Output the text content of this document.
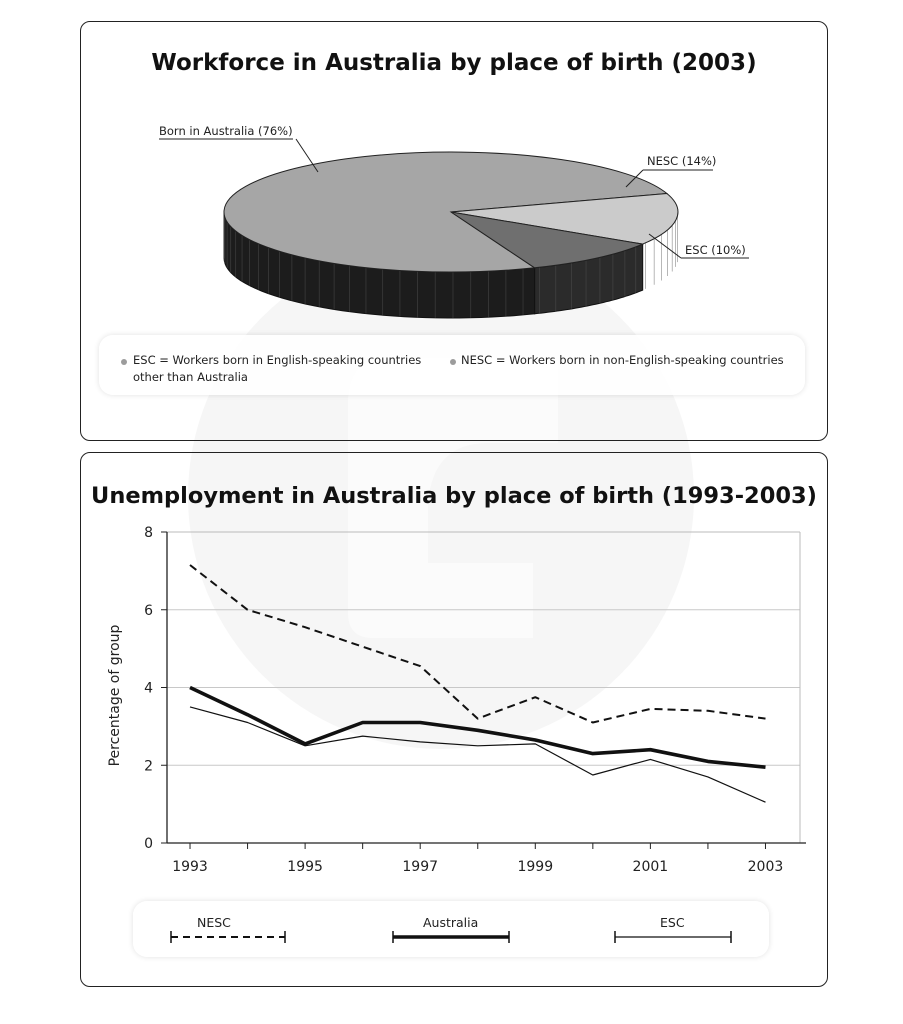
Workforce in Australia by place of birth (2003)
Born in Australia (76%)
NESC (14%)
ESC (10%)
ESC = Workers born in English-speaking countries
other than Australia
NESC = Workers born in non-English-speaking countries
Unemployment in Australia by place of birth (1993-2003)
0
2
4
6
8
1993	1995	1997	1999	2001	2003
Percentage of group
NESC	Australia	ESC
